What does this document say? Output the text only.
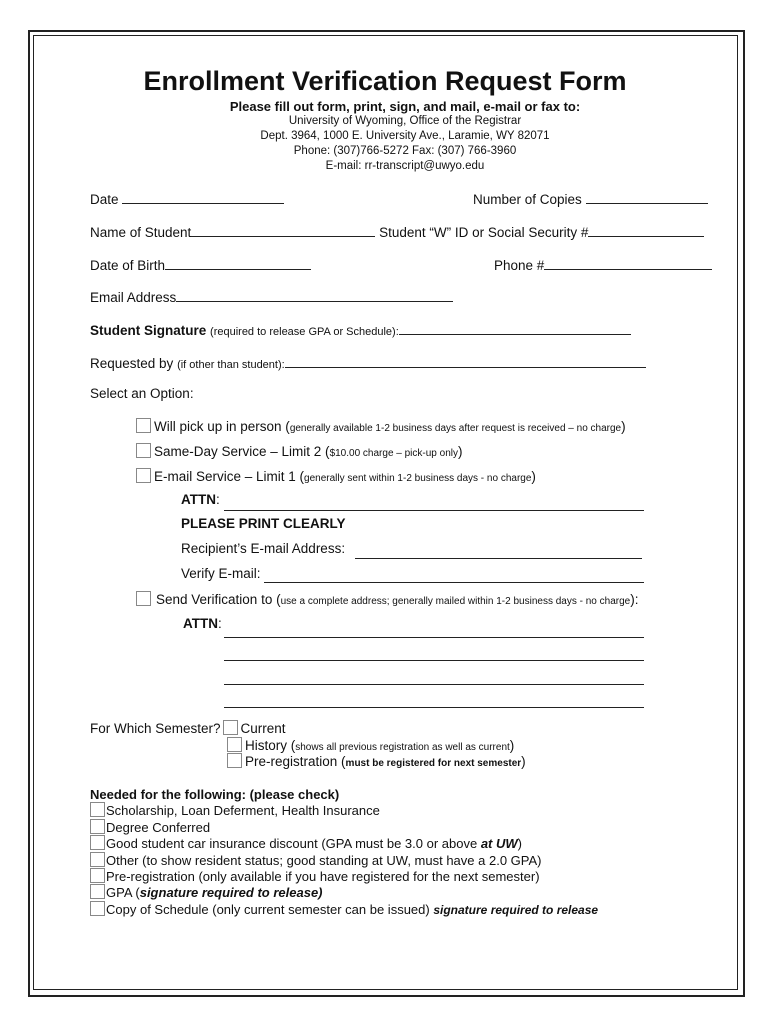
Enrollment Verification Request Form
Please fill out form, print, sign, and mail, e-mail or fax to:
University of Wyoming, Office of the Registrar
Dept. 3964, 1000 E. University Ave., Laramie, WY 82071
Phone: (307)766-5272 Fax: (307) 766-3960
E-mail: rr-transcript@uwyo.edu
Date	Number of Copies
Name of Student	Student “W” ID or Social Security #
Date of Birth	Phone #
Email Address
Student Signature (required to release GPA or Schedule):
Requested by (if other than student):
Select an Option:
Will pick up in person (generally available 1-2 business days after request is received – no charge)
Same-Day Service – Limit 2 ($10.00 charge – pick-up only)
E-mail Service – Limit 1 (generally sent within 1-2 business days - no charge)
ATTN:
PLEASE PRINT CLEARLY
Recipient’s E-mail Address:
Verify E-mail:
Send Verification to (use a complete address; generally mailed within 1-2 business days - no charge):
ATTN:
For Which Semester? Current
History (shows all previous registration as well as current)
Pre-registration (must be registered for next semester)
Needed for the following: (please check)
Scholarship, Loan Deferment, Health Insurance
Degree Conferred
Good student car insurance discount (GPA must be 3.0 or above at UW)
Other (to show resident status; good standing at UW, must have a 2.0 GPA)
Pre-registration (only available if you have registered for the next semester)
GPA (signature required to release)
Copy of Schedule (only current semester can be issued) signature required to release
